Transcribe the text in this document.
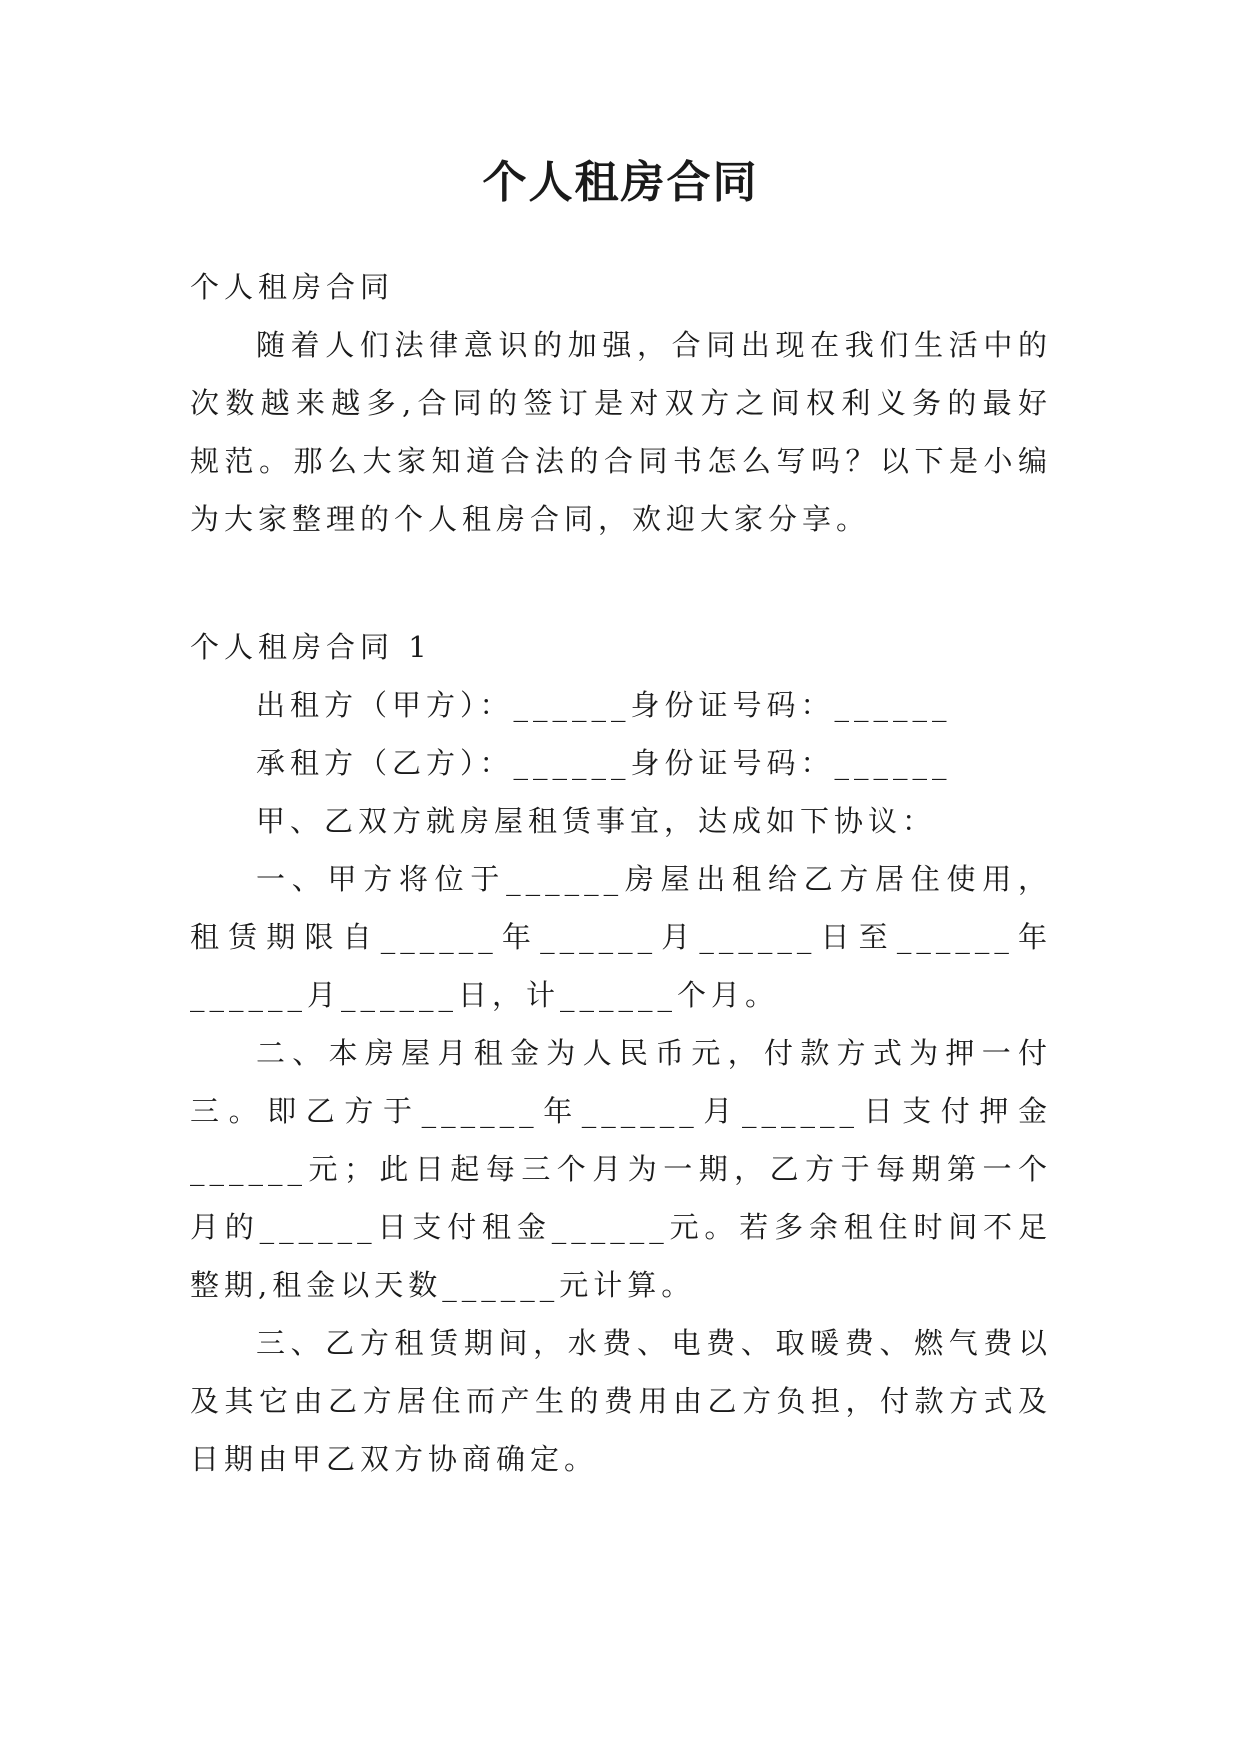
个人租房合同

个人租房合同

随着人们法律意识的加强，合同出现在我们生活中的次数越来越多,合同的签订是对双方之间权利义务的最好规范。那么大家知道合法的合同书怎么写吗？以下是小编为大家整理的个人租房合同，欢迎大家分享。

个人租房合同 1

出租方（甲方）：______身份证号码：______

承租方（乙方）：______身份证号码：______

甲、乙双方就房屋租赁事宜，达成如下协议：

一、甲方将位于______房屋出租给乙方居住使用，租赁期限自______年______月______日至______年______月______日，计______个月。

二、本房屋月租金为人民币元，付款方式为押一付三。即乙方于______年______月______日支付押金______元；此日起每三个月为一期，乙方于每期第一个月的______日支付租金______元。若多余租住时间不足整期,租金以天数______元计算。

三、乙方租赁期间，水费、电费、取暖费、燃气费以及其它由乙方居住而产生的费用由乙方负担，付款方式及日期由甲乙双方协商确定。
